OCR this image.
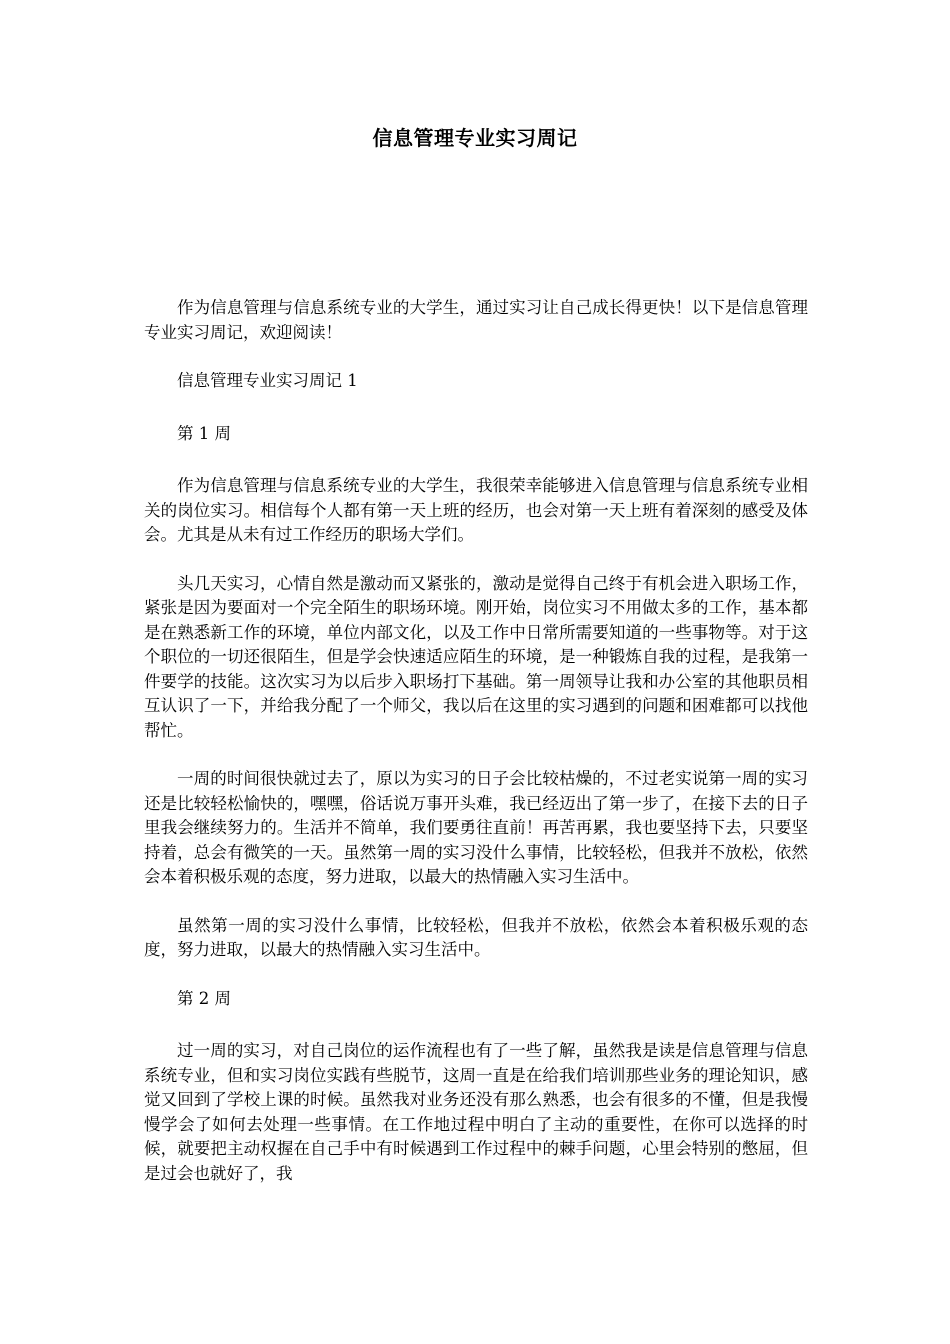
信息管理专业实习周记

作为信息管理与信息系统专业的大学生，通过实习让自己成长得更快！以下是信息管理专业实习周记，欢迎阅读！

信息管理专业实习周记 1

第 1 周

作为信息管理与信息系统专业的大学生，我很荣幸能够进入信息管理与信息系统专业相关的岗位实习。相信每个人都有第一天上班的经历，也会对第一天上班有着深刻的感受及体会。尤其是从未有过工作经历的职场大学们。

头几天实习，心情自然是激动而又紧张的，激动是觉得自己终于有机会进入职场工作，紧张是因为要面对一个完全陌生的职场环境。刚开始，岗位实习不用做太多的工作，基本都是在熟悉新工作的环境，单位内部文化，以及工作中日常所需要知道的一些事物等。对于这个职位的一切还很陌生，但是学会快速适应陌生的环境，是一种锻炼自我的过程，是我第一件要学的技能。这次实习为以后步入职场打下基础。第一周领导让我和办公室的其他职员相互认识了一下，并给我分配了一个师父，我以后在这里的实习遇到的问题和困难都可以找他帮忙。

一周的时间很快就过去了，原以为实习的日子会比较枯燥的，不过老实说第一周的实习还是比较轻松愉快的，嘿嘿，俗话说万事开头难，我已经迈出了第一步了，在接下去的日子里我会继续努力的。生活并不简单，我们要勇往直前！再苦再累，我也要坚持下去，只要坚持着，总会有微笑的一天。虽然第一周的实习没什么事情，比较轻松，但我并不放松，依然会本着积极乐观的态度，努力进取，以最大的热情融入实习生活中。

虽然第一周的实习没什么事情，比较轻松，但我并不放松，依然会本着积极乐观的态度，努力进取，以最大的热情融入实习生活中。

第 2 周

过一周的实习，对自己岗位的运作流程也有了一些了解，虽然我是读是信息管理与信息系统专业，但和实习岗位实践有些脱节，这周一直是在给我们培训那些业务的理论知识，感觉又回到了学校上课的时候。虽然我对业务还没有那么熟悉，也会有很多的不懂，但是我慢慢学会了如何去处理一些事情。在工作地过程中明白了主动的重要性，在你可以选择的时候，就要把主动权握在自己手中有时候遇到工作过程中的棘手问题，心里会特别的憋屈，但是过会也就好了，我
